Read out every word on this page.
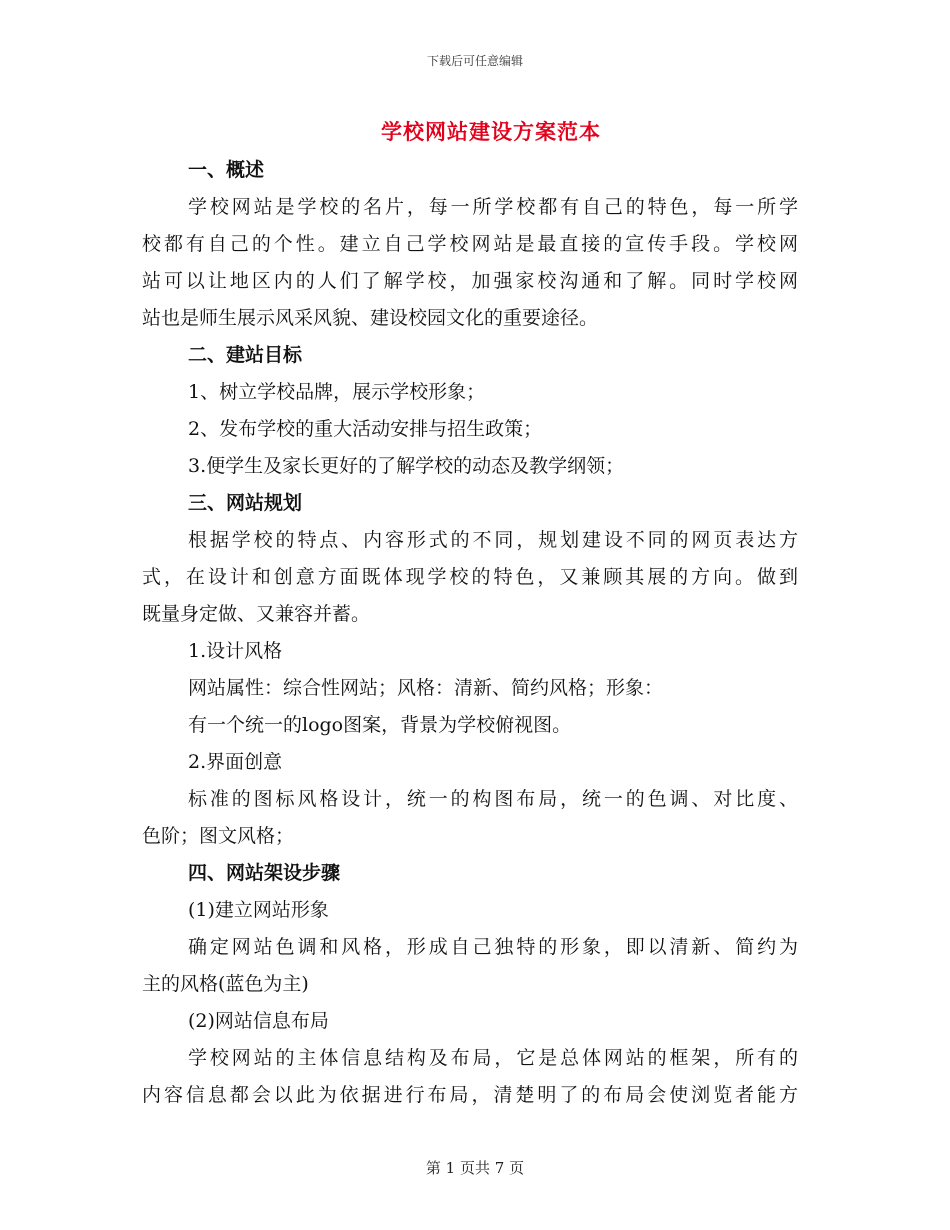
下载后可任意编辑
学校网站建设方案范本
一、概述
学校网站是学校的名片，每一所学校都有自己的特色，每一所学
校都有自己的个性。建立自己学校网站是最直接的宣传手段。学校网
站可以让地区内的人们了解学校，加强家校沟通和了解。同时学校网
站也是师生展示风采风貌、建设校园文化的重要途径。
二、建站目标
1、树立学校品牌，展示学校形象；
2、发布学校的重大活动安排与招生政策；
3.便学生及家长更好的了解学校的动态及教学纲领；
三、网站规划
根据学校的特点、内容形式的不同，规划建设不同的网页表达方
式，在设计和创意方面既体现学校的特色，又兼顾其展的方向。做到
既量身定做、又兼容并蓄。
1.设计风格
网站属性：综合性网站；风格：清新、简约风格；形象：
有一个统一的logo图案，背景为学校俯视图。
2.界面创意
标准的图标风格设计，统一的构图布局，统一的色调、对比度、
色阶；图文风格；
四、网站架设步骤
(1)建立网站形象
确定网站色调和风格，形成自己独特的形象，即以清新、简约为
主的风格(蓝色为主)
(2)网站信息布局
学校网站的主体信息结构及布局，它是总体网站的框架，所有的
内容信息都会以此为依据进行布局，清楚明了的布局会使浏览者能方
第 1 页共 7 页
